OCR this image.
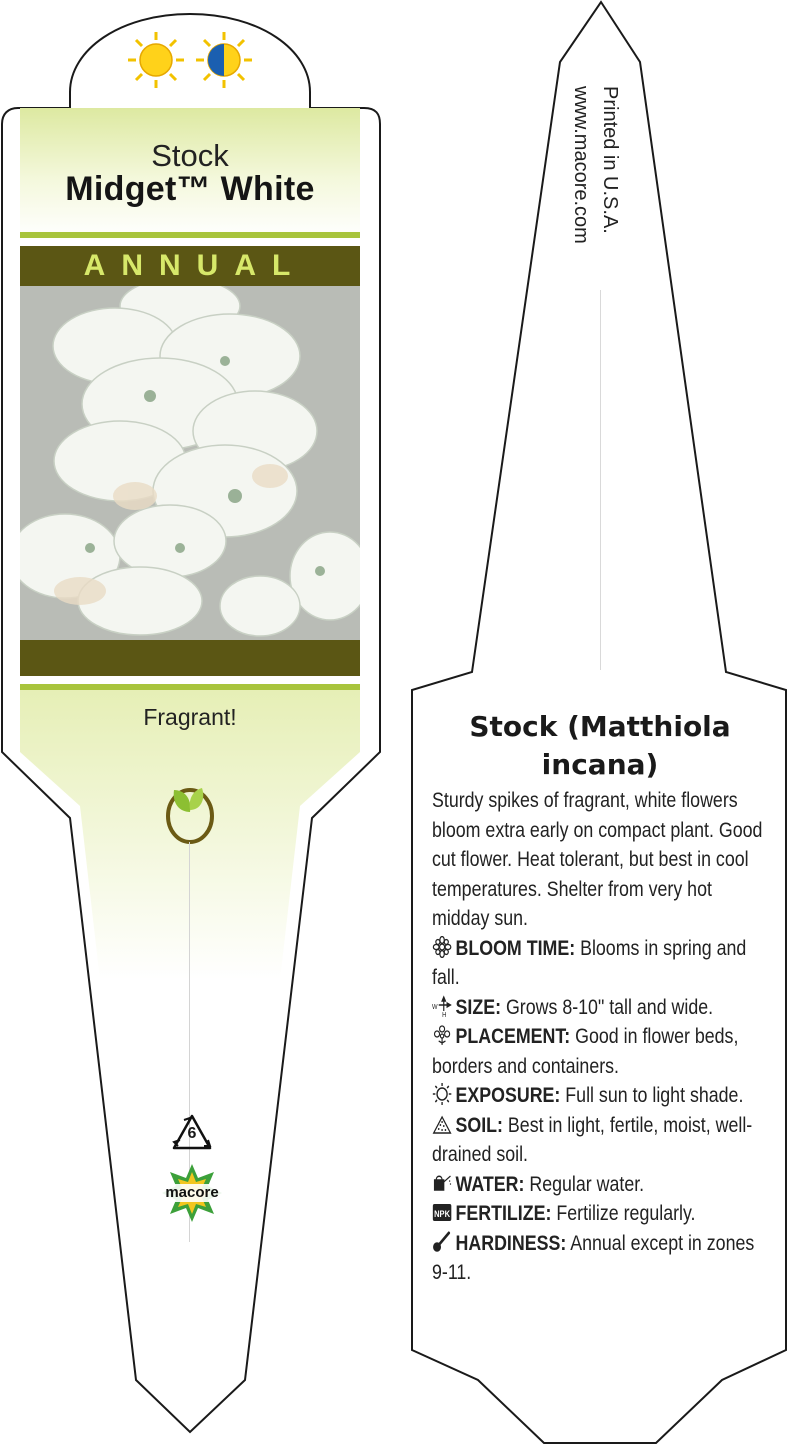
Stock
Midget™ White
ANNUAL
Fragrant!
6
macore
Printed in U.S.A.
www.macore.com
Stock (Matthiola incana)

Sturdy spikes of fragrant, white flowers bloom extra early on compact plant. Good cut flower. Heat tolerant, but best in cool temperatures. Shelter from very hot midday sun.

BLOOM TIME: Blooms in spring and fall.

W
H SIZE: Grows 8-10" tall and wide.

PLACEMENT: Good in flower beds, borders and containers.

EXPOSURE: Full sun to light shade.

SOIL: Best in light, fertile, moist, well-drained soil.

WATER: Regular water.

NPK FERTILIZE: Fertilize regularly.

HARDINESS: Annual except in zones 9-11.
